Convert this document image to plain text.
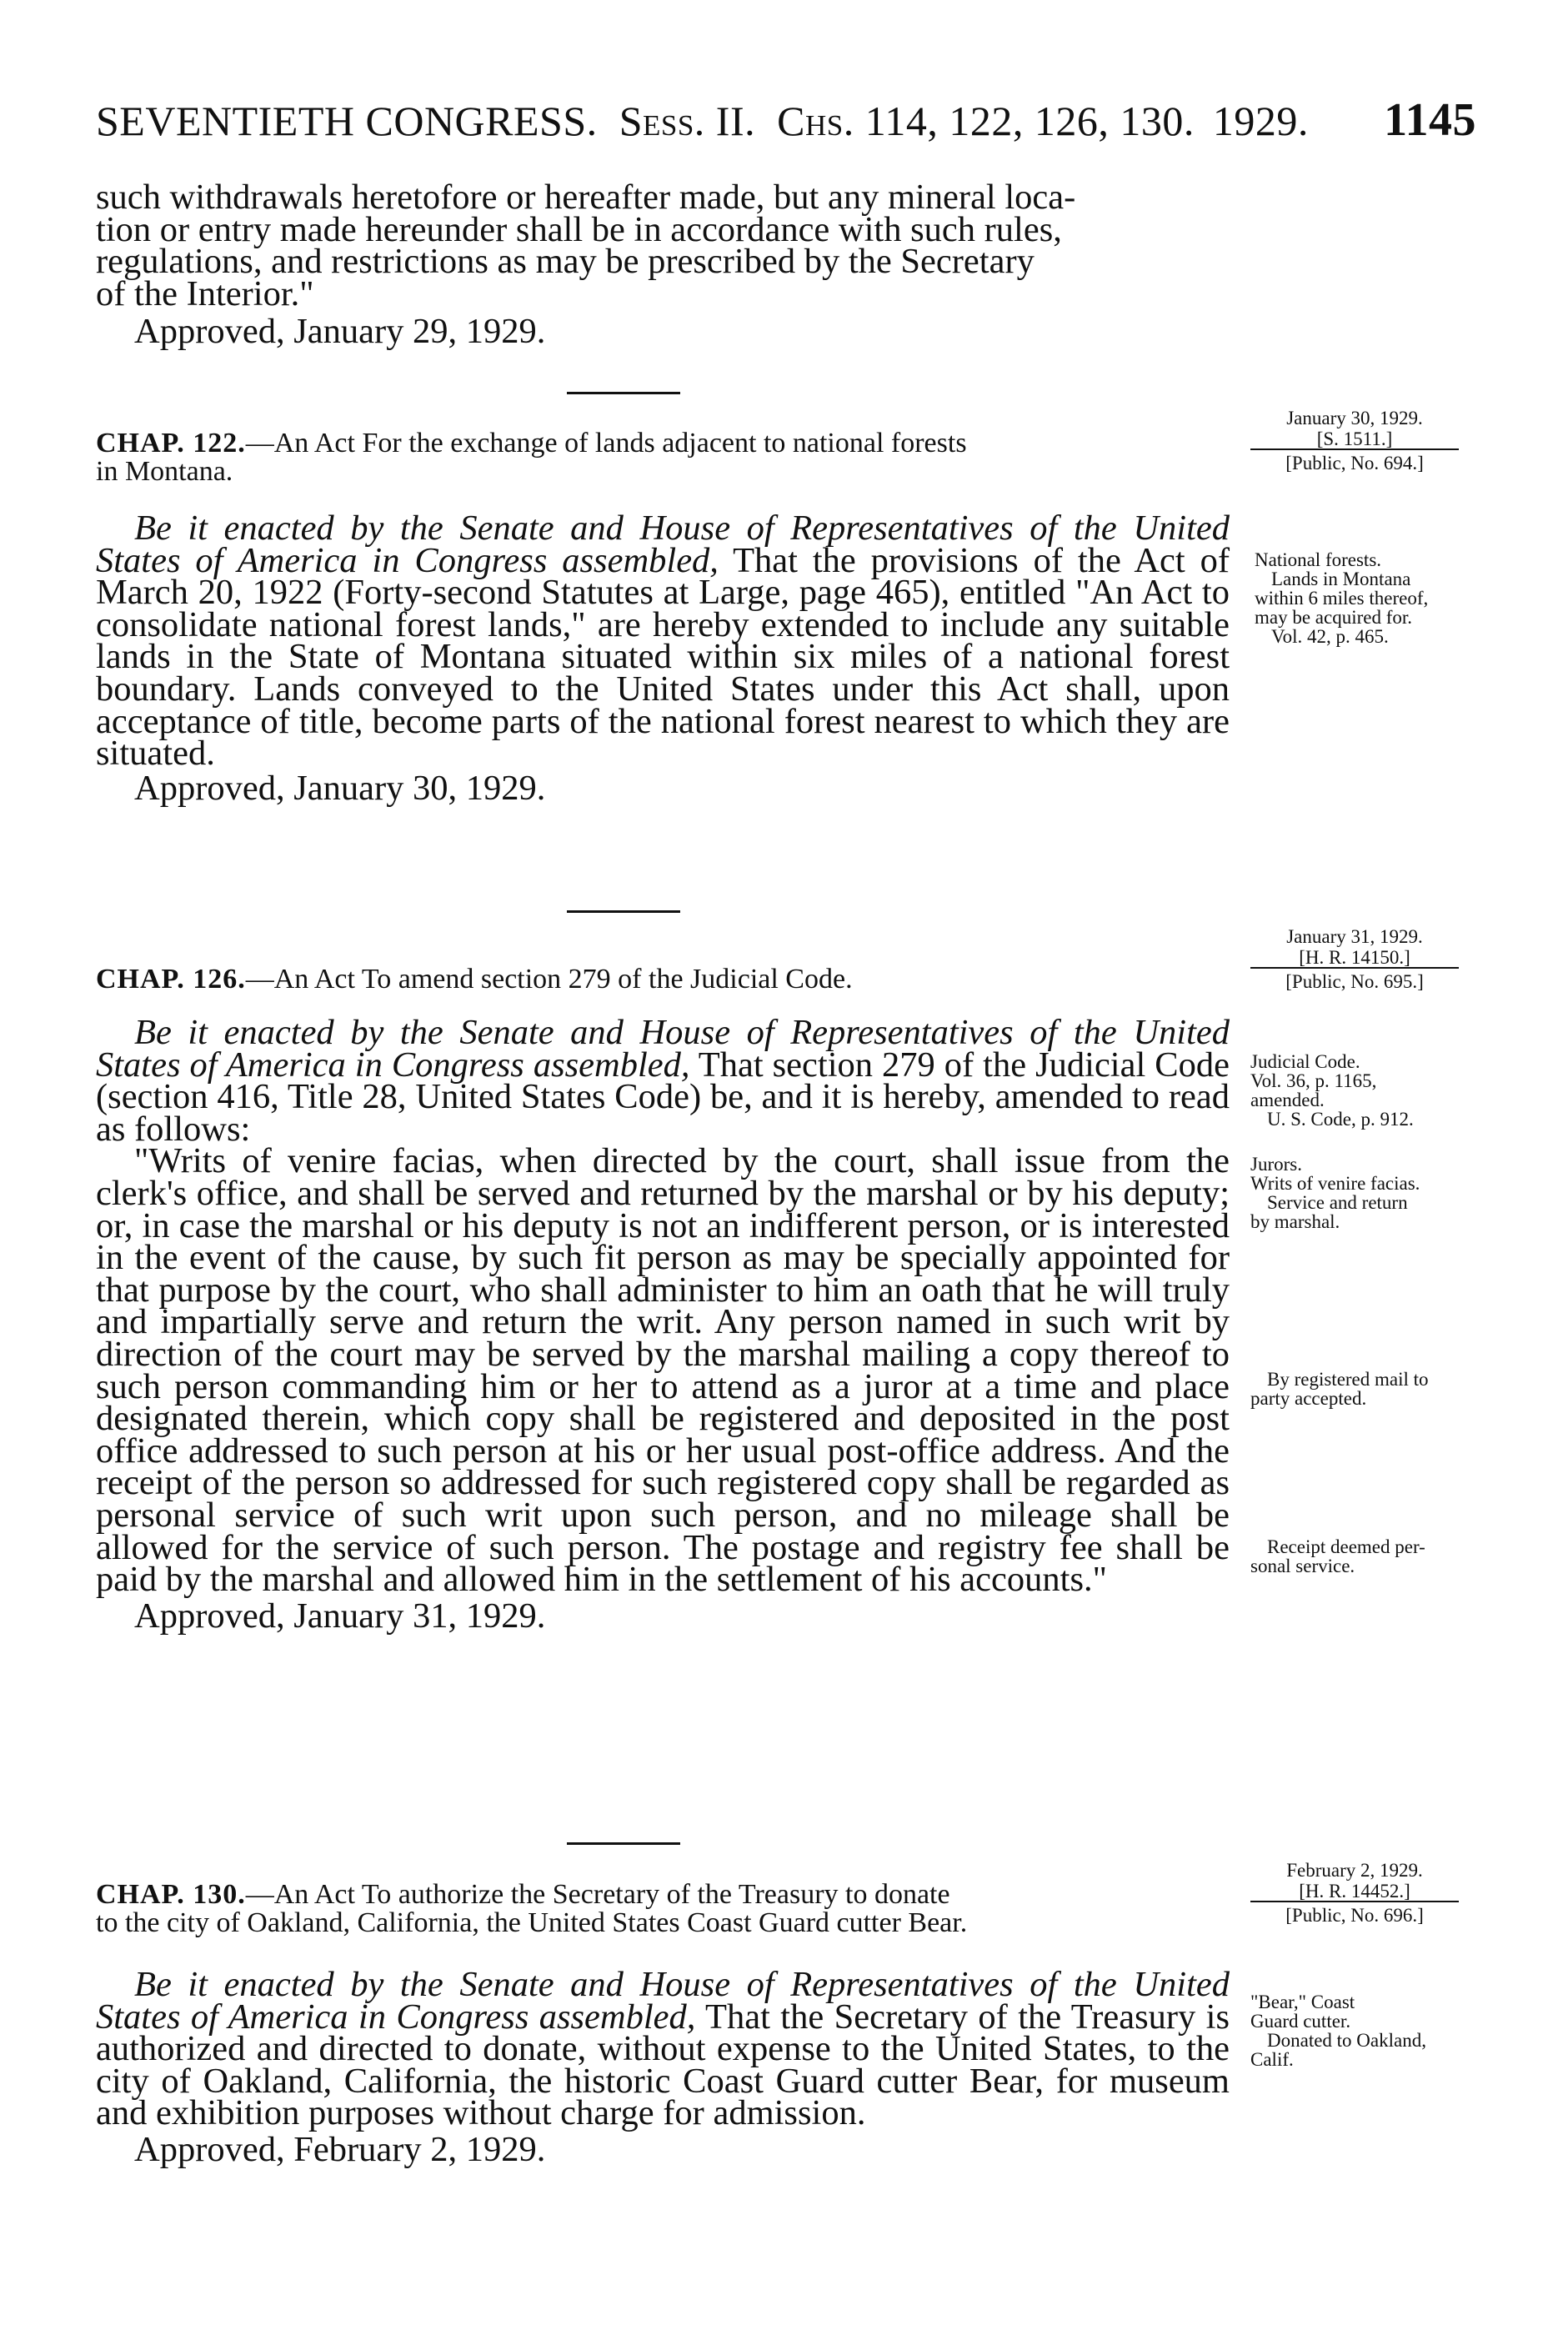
SEVENTIETH CONGRESS. Sess. II. Chs. 114, 122, 126, 130. 1929. 1145

such withdrawals heretofore or hereafter made, but any mineral loca-

tion or entry made hereunder shall be in accordance with such rules,

regulations, and restrictions as may be prescribed by the Secretary

of the Interior."

Approved, January 29, 1929.

CHAP. 122.—An Act For the exchange of lands adjacent to national forests
in Montana.

Be it enacted by the Senate and House of Representatives of the United States of America in Congress assembled, That the provisions of the Act of March 20, 1922 (Forty-second Statutes at Large, page 465), entitled "An Act to consolidate national forest lands," are hereby extended to include any suitable lands in the State of Montana situated within six miles of a national forest boundary. Lands conveyed to the United States under this Act shall, upon acceptance of title, become parts of the national forest nearest to which they are situated.

Approved, January 30, 1929.

January 30, 1929.
[S. 1511.]
[Public, No. 694.]
National forests.
Lands in Montana
within 6 miles thereof,
may be acquired for.
Vol. 42, p. 465.

CHAP. 126.—An Act To amend section 279 of the Judicial Code.

Be it enacted by the Senate and House of Representatives of the United States of America in Congress assembled, That section 279 of the Judicial Code (section 416, Title 28, United States Code) be, and it is hereby, amended to read as follows:

"Writs of venire facias, when directed by the court, shall issue from the clerk's office, and shall be served and returned by the marshal or by his deputy; or, in case the marshal or his deputy is not an indifferent person, or is interested in the event of the cause, by such fit person as may be specially appointed for that purpose by the court, who shall administer to him an oath that he will truly and impartially serve and return the writ. Any person named in such writ by direction of the court may be served by the marshal mailing a copy thereof to such person commanding him or her to attend as a juror at a time and place designated therein, which copy shall be registered and deposited in the post office addressed to such person at his or her usual post-office address. And the receipt of the person so addressed for such registered copy shall be regarded as personal service of such writ upon such person, and no mileage shall be allowed for the service of such person. The postage and registry fee shall be paid by the marshal and allowed him in the settlement of his accounts."

Approved, January 31, 1929.

January 31, 1929.
[H. R. 14150.]
[Public, No. 695.]
Judicial Code.
Vol. 36, p. 1165,
amended.
U. S. Code, p. 912.
Jurors.
Writs of venire facias.
Service and return
by marshal.
By registered mail to
party accepted.
Receipt deemed per-
sonal service.

CHAP. 130.—An Act To authorize the Secretary of the Treasury to donate
to the city of Oakland, California, the United States Coast Guard cutter Bear.

Be it enacted by the Senate and House of Representatives of the United States of America in Congress assembled, That the Secretary of the Treasury is authorized and directed to donate, without expense to the United States, to the city of Oakland, California, the historic Coast Guard cutter Bear, for museum and exhibition purposes without charge for admission.

Approved, February 2, 1929.

February 2, 1929.
[H. R. 14452.]
[Public, No. 696.]
"Bear," Coast
Guard cutter.
Donated to Oakland,
Calif.
